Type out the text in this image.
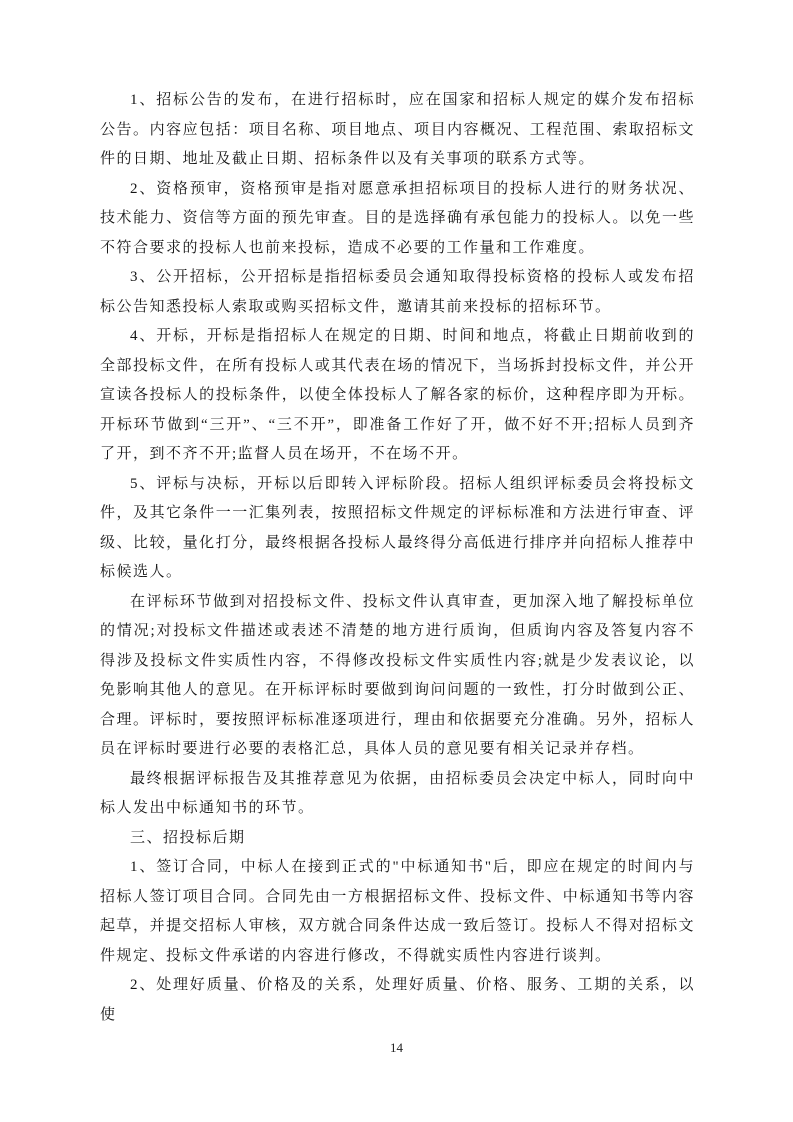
1、招标公告的发布，在进行招标时，应在国家和招标人规定的媒介发布招标公告。内容应包括：项目名称、项目地点、项目内容概况、工程范围、索取招标文件的日期、地址及截止日期、招标条件以及有关事项的联系方式等。

2、资格预审，资格预审是指对愿意承担招标项目的投标人进行的财务状况、技术能力、资信等方面的预先审查。目的是选择确有承包能力的投标人。以免一些不符合要求的投标人也前来投标，造成不必要的工作量和工作难度。

3、公开招标，公开招标是指招标委员会通知取得投标资格的投标人或发布招标公告知悉投标人索取或购买招标文件，邀请其前来投标的招标环节。

4、开标，开标是指招标人在规定的日期、时间和地点，将截止日期前收到的全部投标文件，在所有投标人或其代表在场的情况下，当场拆封投标文件，并公开宣读各投标人的投标条件，以使全体投标人了解各家的标价，这种程序即为开标。开标环节做到“三开”、“三不开”，即准备工作好了开，做不好不开;招标人员到齐了开，到不齐不开;监督人员在场开，不在场不开。

5、评标与决标，开标以后即转入评标阶段。招标人组织评标委员会将投标文件，及其它条件一一汇集列表，按照招标文件规定的评标标准和方法进行审查、评级、比较，量化打分，最终根据各投标人最终得分高低进行排序并向招标人推荐中标候选人。

在评标环节做到对招投标文件、投标文件认真审查，更加深入地了解投标单位的情况;对投标文件描述或表述不清楚的地方进行质询，但质询内容及答复内容不得涉及投标文件实质性内容，不得修改投标文件实质性内容;就是少发表议论，以免影响其他人的意见。在开标评标时要做到询问问题的一致性，打分时做到公正、合理。评标时，要按照评标标准逐项进行，理由和依据要充分准确。另外，招标人员在评标时要进行必要的表格汇总，具体人员的意见要有相关记录并存档。

最终根据评标报告及其推荐意见为依据，由招标委员会决定中标人，同时向中标人发出中标通知书的环节。

三、招投标后期

1、签订合同，中标人在接到正式的"中标通知书"后，即应在规定的时间内与招标人签订项目合同。合同先由一方根据招标文件、投标文件、中标通知书等内容起草，并提交招标人审核，双方就合同条件达成一致后签订。投标人不得对招标文件规定、投标文件承诺的内容进行修改，不得就实质性内容进行谈判。

2、处理好质量、价格及的关系，处理好质量、价格、服务、工期的关系，以使

14
